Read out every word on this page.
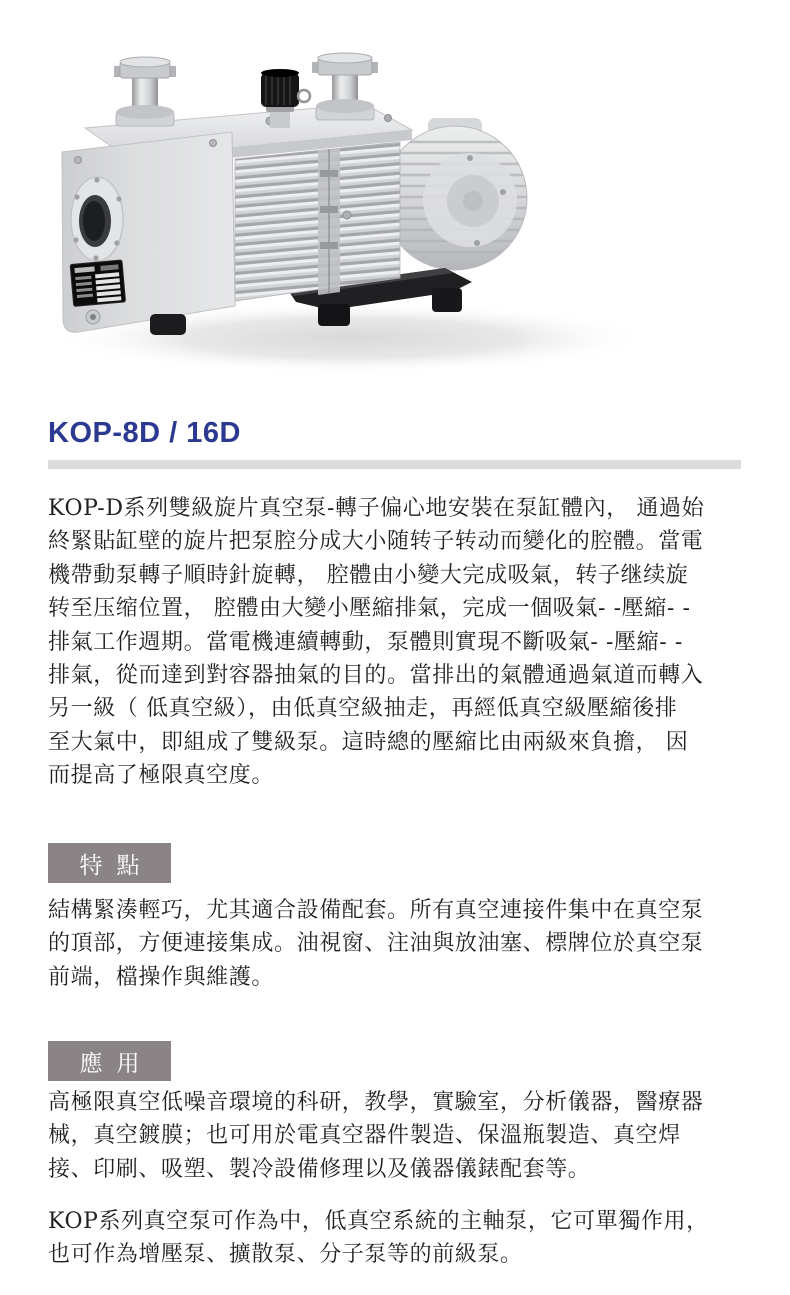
KOP-8D / 16D
KOP-D系列雙級旋片真空泵-轉子偏心地安裝在泵缸體內， 通過始
終緊貼缸壁的旋片把泵腔分成大小随转子转动而變化的腔體。當電
機帶動泵轉子順時針旋轉， 腔體由小變大完成吸氣，转子继续旋
转至压缩位置， 腔體由大變小壓縮排氣，完成一個吸氣- -壓縮- -
排氣工作週期。當電機連續轉動，泵體則實現不斷吸氣- -壓縮- -
排氣，從而達到對容器抽氣的目的。當排出的氣體通過氣道而轉入
另一級（ 低真空級），由低真空級抽走，再經低真空級壓縮後排
至大氣中，即組成了雙級泵。這時總的壓縮比由兩級來負擔， 因
而提高了極限真空度。
特點
結構緊湊輕巧，尤其適合設備配套。所有真空連接件集中在真空泵
的頂部，方便連接集成。油視窗、注油與放油塞、標牌位於真空泵
前端，檔操作與維護。
應用
高極限真空低噪音環境的科研，教學，實驗室，分析儀器，醫療器
械，真空鍍膜；也可用於電真空器件製造、保溫瓶製造、真空焊
接、印刷、吸塑、製冷設備修理以及儀器儀錶配套等。
KOP系列真空泵可作為中，低真空系統的主軸泵，它可單獨作用，
也可作為增壓泵、擴散泵、分子泵等的前級泵。
